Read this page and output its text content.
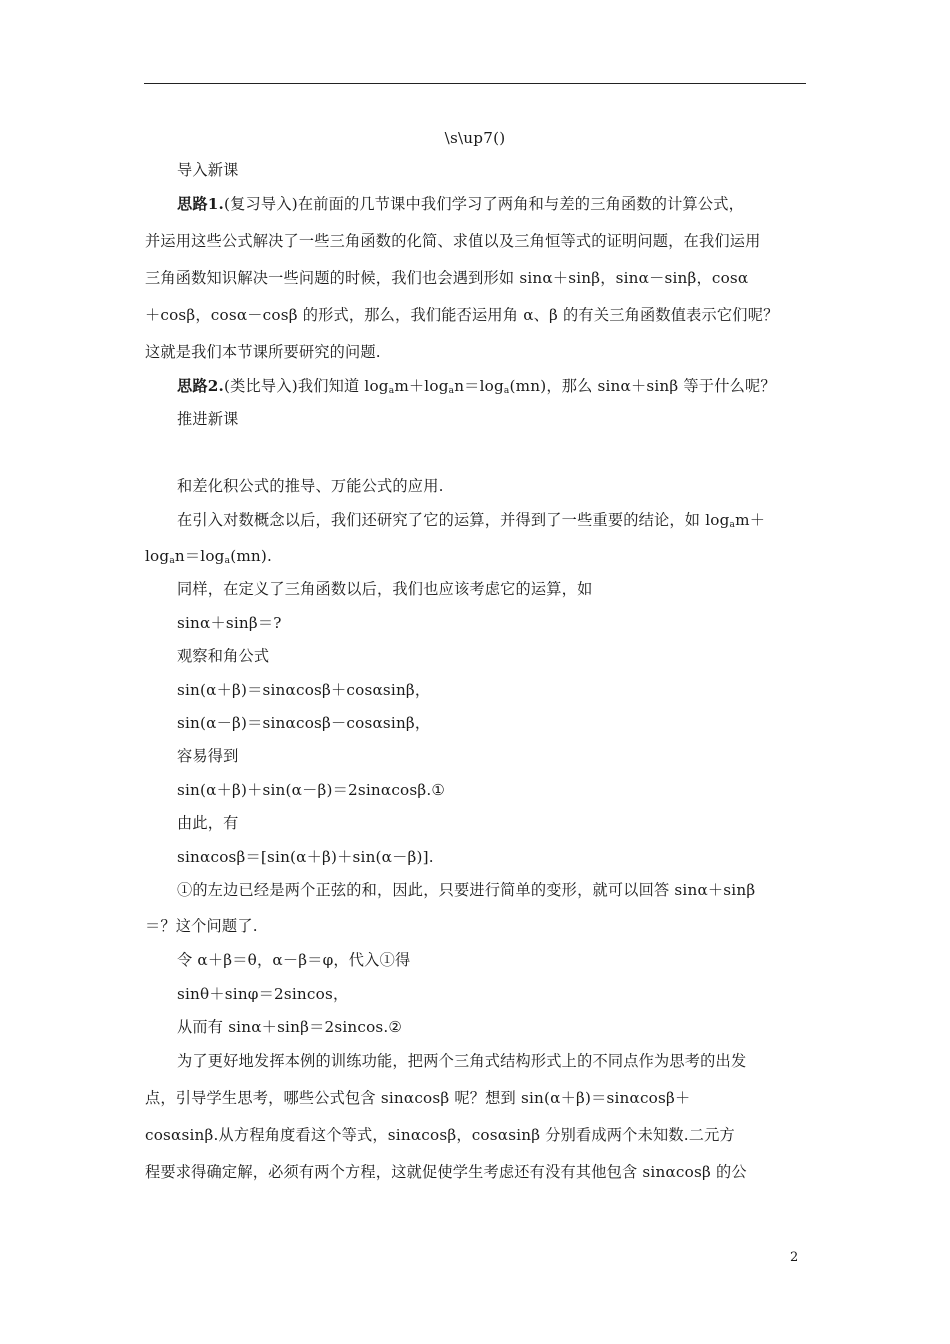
\s\up7()
导入新课
思路1.(复习导入)在前面的几节课中我们学习了两角和与差的三角函数的计算公式，
并运用这些公式解决了一些三角函数的化简、求值以及三角恒等式的证明问题，在我们运用
三角函数知识解决一些问题的时候，我们也会遇到形如 sinα＋sinβ，sinα－sinβ，cosα
＋cosβ，cosα－cosβ 的形式，那么，我们能否运用角 α、β 的有关三角函数值表示它们呢？
这就是我们本节课所要研究的问题.
思路2.(类比导入)我们知道 $\log_am+\log_an=\log_a(mn)$，那么 sinα＋sinβ 等于什么呢？
推进新课
和差化积公式的推导、万能公式的应用.
在引入对数概念以后，我们还研究了它的运算，并得到了一些重要的结论，如 $\log_am+$
$\log_an=\log_a(mn)$.
同样，在定义了三角函数以后，我们也应该考虑它的运算，如
sinα＋sinβ＝?
观察和角公式
sin(α＋β)＝sinαcosβ＋cosαsinβ，
sin(α－β)＝sinαcosβ－cosαsinβ，
容易得到
sin(α＋β)＋sin(α－β)＝2sinαcosβ.①
由此，有
sinαcosβ＝[sin(α＋β)＋sin(α－β)].
①的左边已经是两个正弦的和，因此，只要进行简单的变形，就可以回答 sinα＋sinβ
＝？这个问题了.
令 α＋β＝θ，α－β＝φ，代入①得
sinθ＋sinφ＝2sincos，
从而有 sinα＋sinβ＝2sincos.②
为了更好地发挥本例的训练功能，把两个三角式结构形式上的不同点作为思考的出发
点，引导学生思考，哪些公式包含 sinαcosβ 呢？想到 sin(α＋β)＝sinαcosβ＋
cosαsinβ.从方程角度看这个等式，sinαcosβ，cosαsinβ 分别看成两个未知数.二元方
程要求得确定解，必须有两个方程，这就促使学生考虑还有没有其他包含 sinαcosβ 的公
2
